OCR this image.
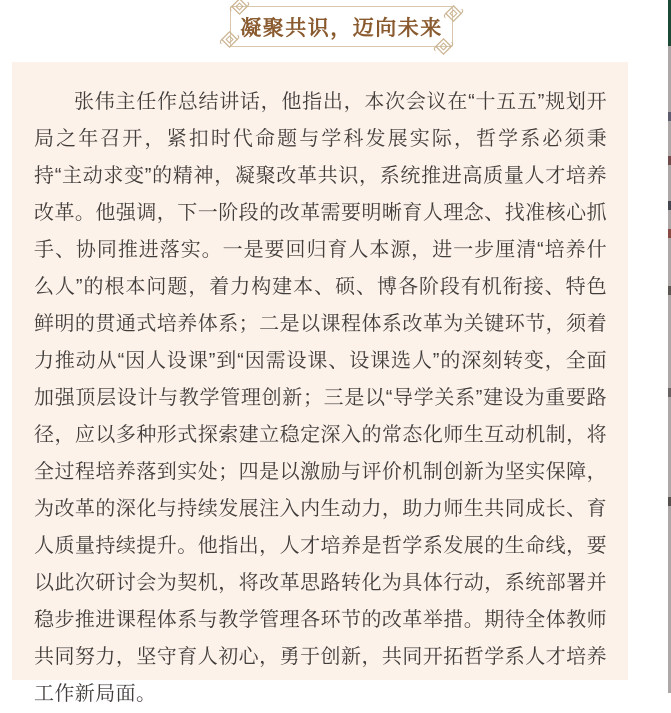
凝聚共识，迈向未来

张伟主任作总结讲话，他指出，本次会议在“十五五”规划开局之年召开，紧扣时代命题与学科发展实际，哲学系必须秉持“主动求变”的精神，凝聚改革共识，系统推进高质量人才培养改革。他强调，下一阶段的改革需要明晰育人理念、找准核心抓手、协同推进落实。一是要回归育人本源，进一步厘清“培养什么人”的根本问题，着力构建本、硕、博各阶段有机衔接、特色鲜明的贯通式培养体系；二是以课程体系改革为关键环节，须着力推动从“因人设课”到“因需设课、设课选人”的深刻转变，全面加强顶层设计与教学管理创新；三是以“导学关系”建设为重要路径，应以多种形式探索建立稳定深入的常态化师生互动机制，将全过程培养落到实处；四是以激励与评价机制创新为坚实保障，为改革的深化与持续发展注入内生动力，助力师生共同成长、育人质量持续提升。他指出，人才培养是哲学系发展的生命线，要以此次研讨会为契机，将改革思路转化为具体行动，系统部署并稳步推进课程体系与教学管理各环节的改革举措。期待全体教师共同努力，坚守育人初心，勇于创新，共同开拓哲学系人才培养工作新局面。
